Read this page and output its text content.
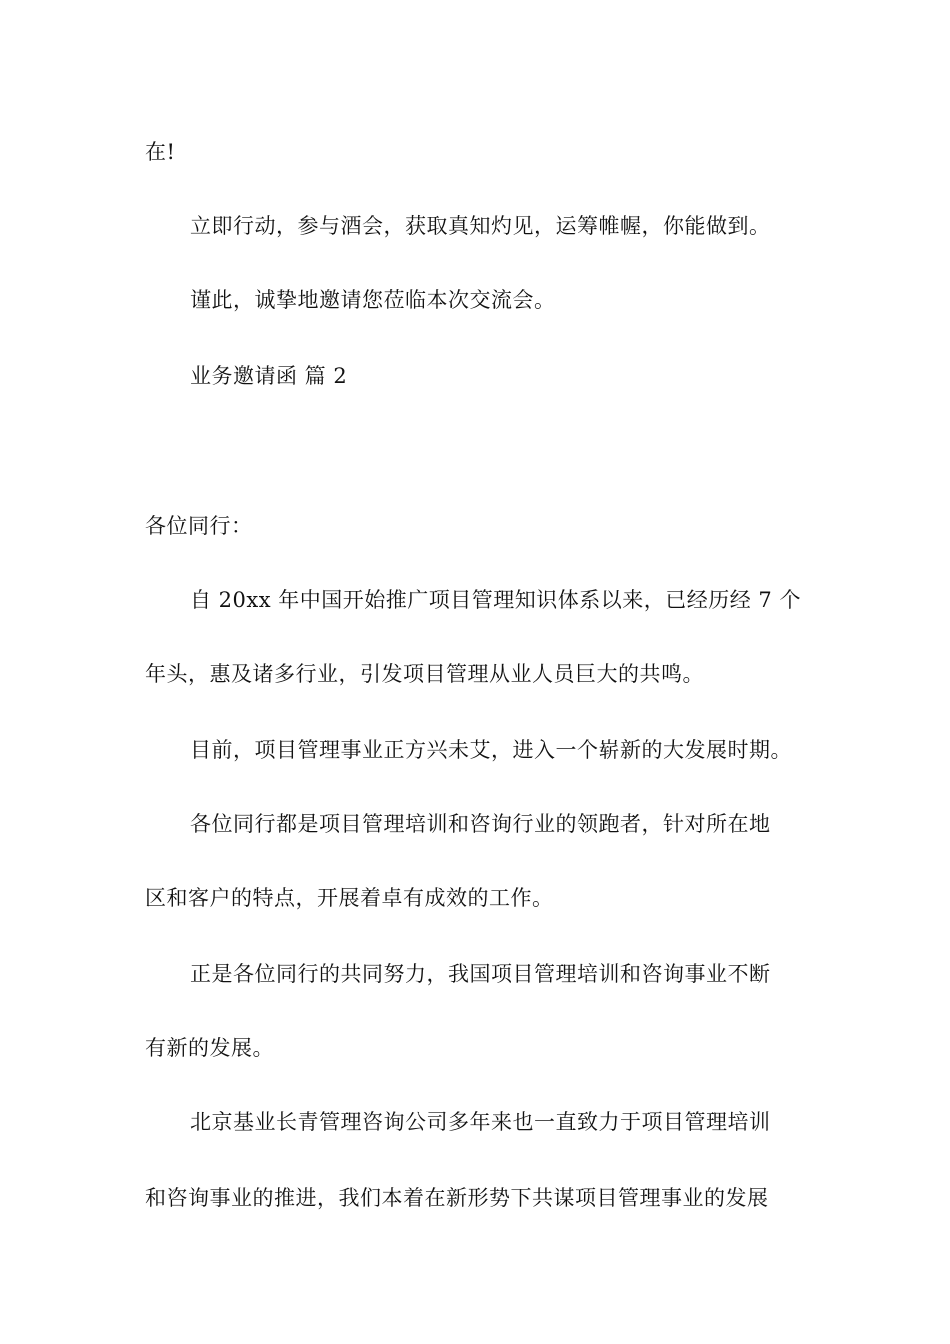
在!
立即行动，参与酒会，获取真知灼见，运筹帷幄，你能做到。
谨此，诚挚地邀请您莅临本次交流会。
业务邀请函 篇 2
各位同行：
自 20xx 年中国开始推广项目管理知识体系以来，已经历经 7 个
年头，惠及诸多行业，引发项目管理从业人员巨大的共鸣。
目前，项目管理事业正方兴未艾，进入一个崭新的大发展时期。
各位同行都是项目管理培训和咨询行业的领跑者，针对所在地
区和客户的特点，开展着卓有成效的工作。
正是各位同行的共同努力，我国项目管理培训和咨询事业不断
有新的发展。
北京基业长青管理咨询公司多年来也一直致力于项目管理培训
和咨询事业的推进，我们本着在新形势下共谋项目管理事业的发展
